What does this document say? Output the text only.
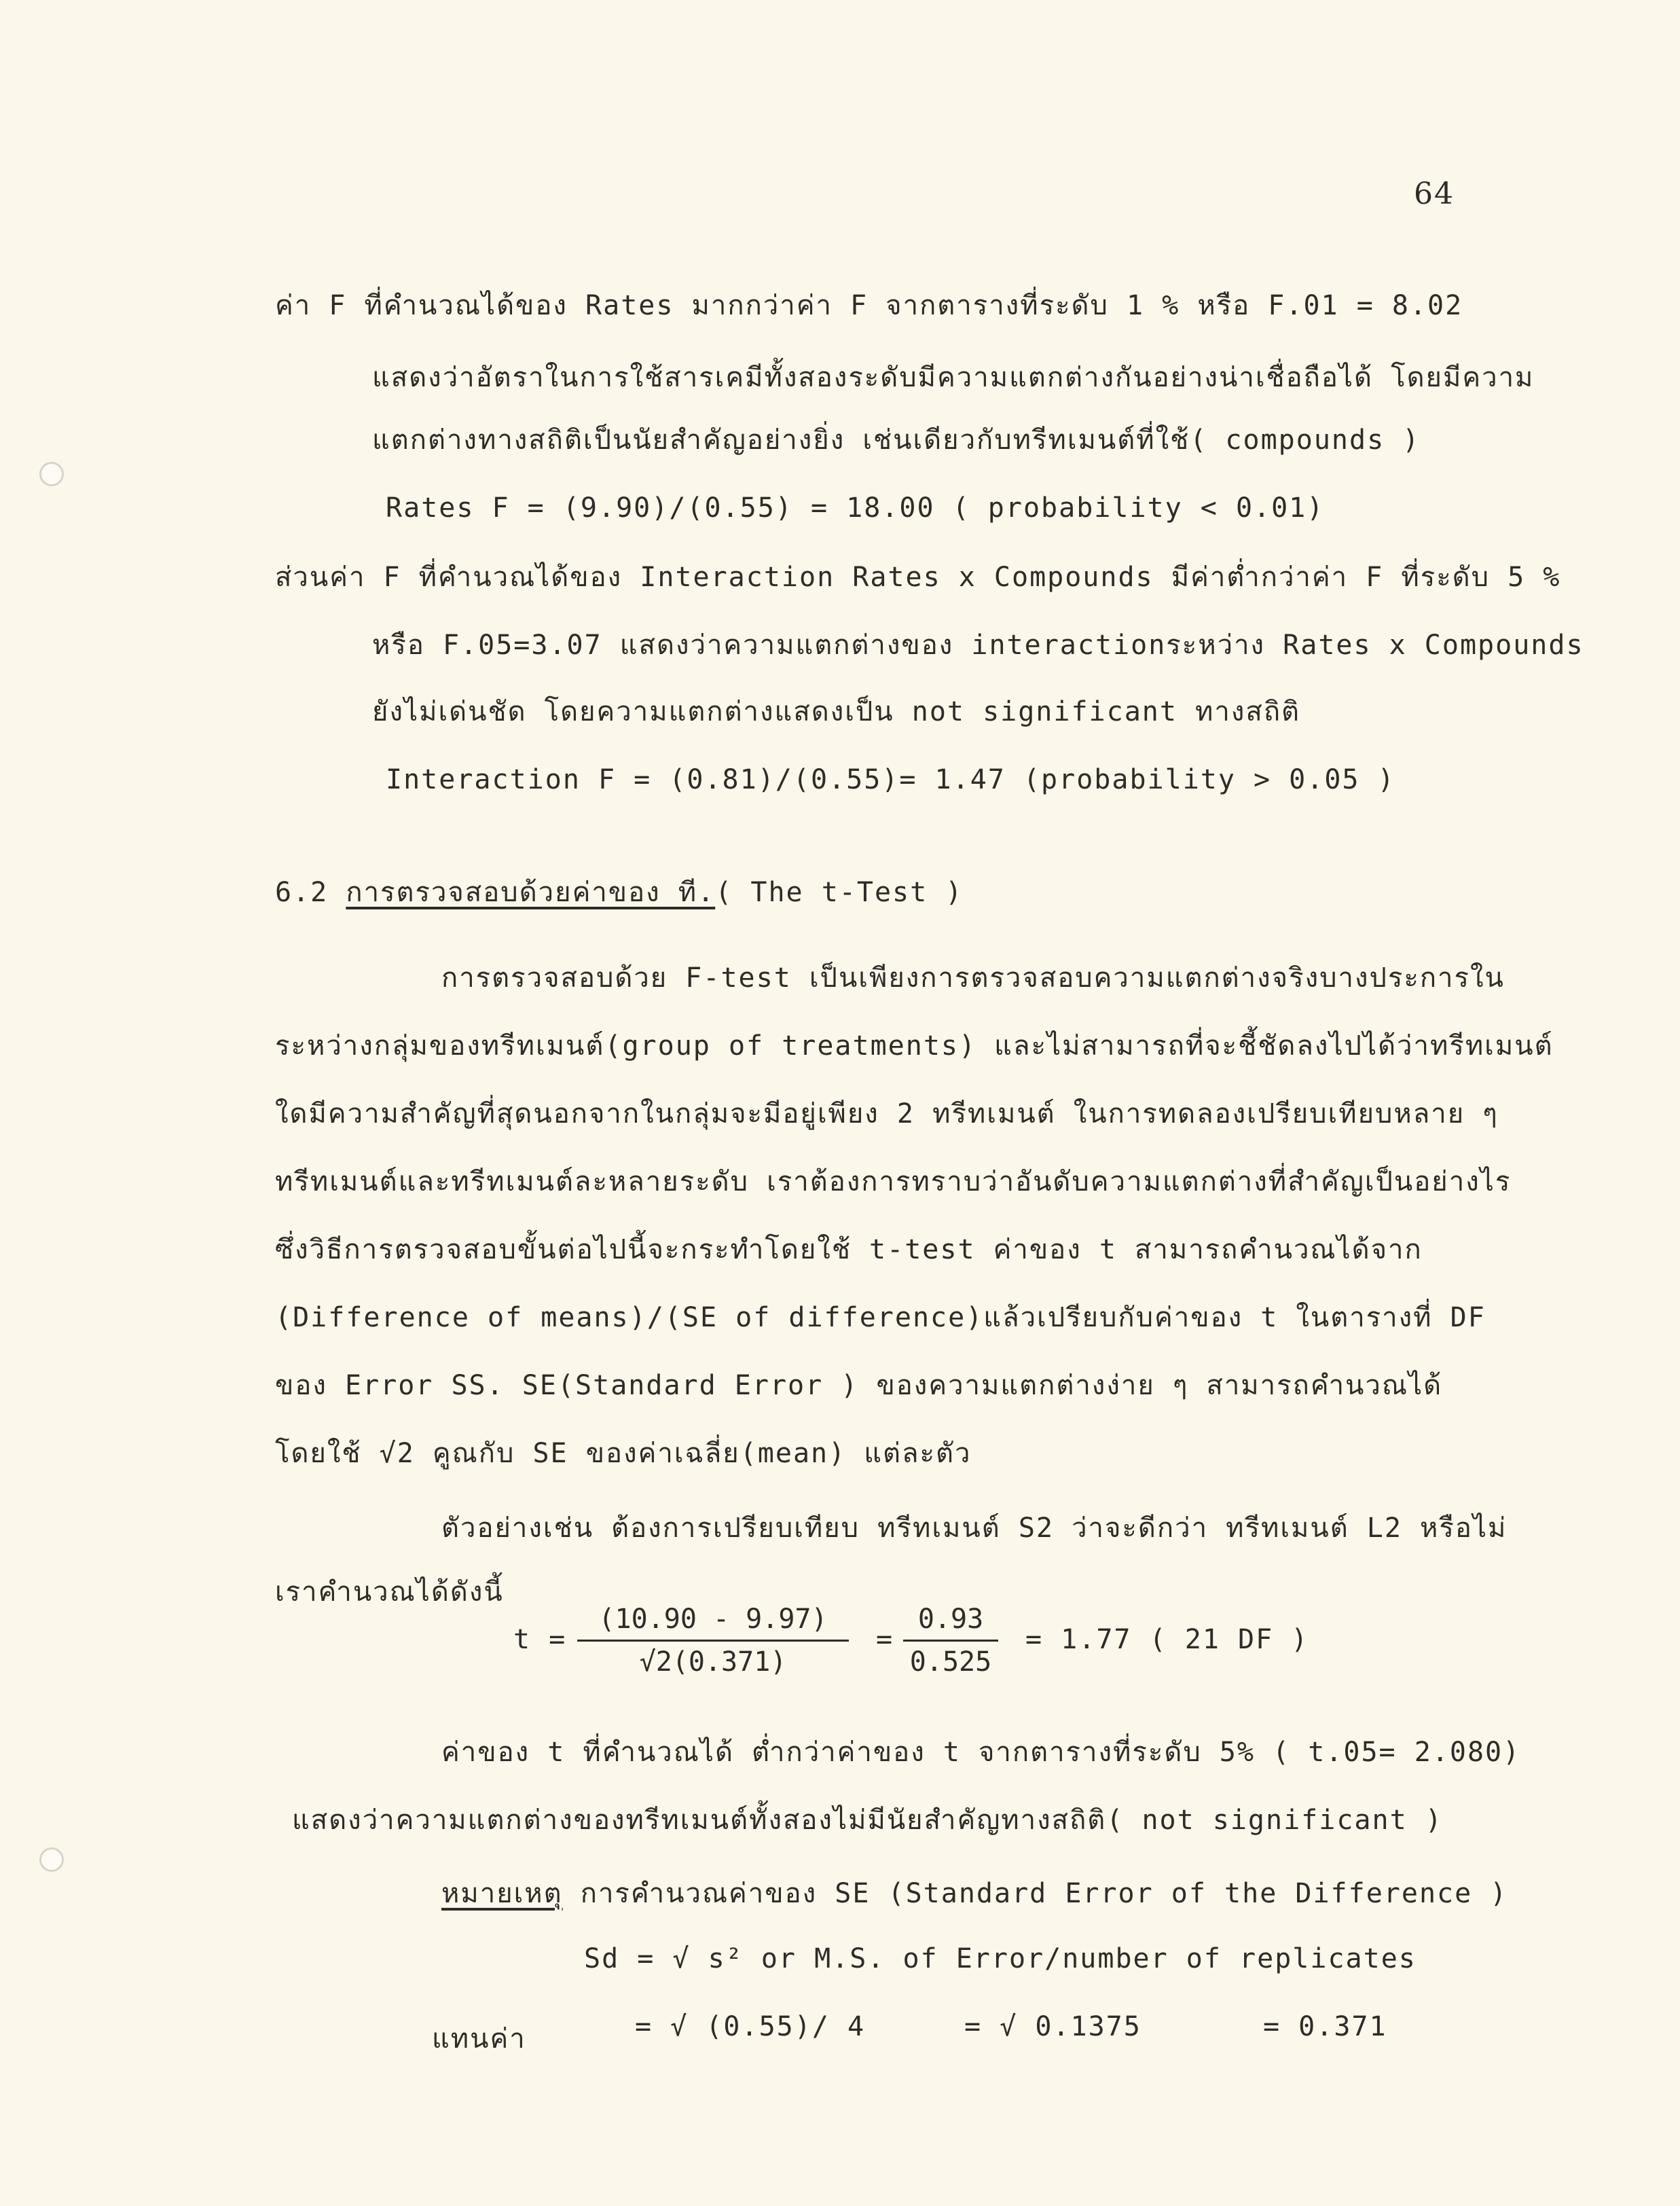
64
ค่า F ที่คำนวณได้ของ Rates มากกว่าค่า F จากตารางที่ระดับ 1 % หรือ F.01 = 8.02
แสดงว่าอัตราในการใช้สารเคมีทั้งสองระดับมีความแตกต่างกันอย่างน่าเชื่อถือได้ โดยมีความ
แตกต่างทางสถิติเป็นนัยสำคัญอย่างยิ่ง เช่นเดียวกับทรีทเมนต์ที่ใช้( compounds )
Rates F = (9.90)/(0.55) = 18.00 ( probability < 0.01)
ส่วนค่า F ที่คำนวณได้ของ Interaction Rates x Compounds มีค่าต่ำกว่าค่า F ที่ระดับ 5 %
หรือ F.05=3.07 แสดงว่าความแตกต่างของ interactionระหว่าง Rates x Compounds
ยังไม่เด่นชัด โดยความแตกต่างแสดงเป็น not significant ทางสถิติ
Interaction F = (0.81)/(0.55)= 1.47 (probability > 0.05 )
6.2 การตรวจสอบด้วยค่าของ ที.( The t-Test )
การตรวจสอบด้วย F-test เป็นเพียงการตรวจสอบความแตกต่างจริงบางประการใน
ระหว่างกลุ่มของทรีทเมนต์(group of treatments) และไม่สามารถที่จะชี้ชัดลงไปได้ว่าทรีทเมนต์
ใดมีความสำคัญที่สุดนอกจากในกลุ่มจะมีอยู่เพียง 2 ทรีทเมนต์ ในการทดลองเปรียบเทียบหลาย ๆ
ทรีทเมนต์และทรีทเมนต์ละหลายระดับ เราต้องการทราบว่าอันดับความแตกต่างที่สำคัญเป็นอย่างไร
ซึ่งวิธีการตรวจสอบขั้นต่อไปนี้จะกระทำโดยใช้ t-test ค่าของ t สามารถคำนวณได้จาก
(Difference of means)/(SE of difference)แล้วเปรียบกับค่าของ t ในตารางที่ DF
ของ Error SS. SE(Standard Error ) ของความแตกต่างง่าย ๆ สามารถคำนวณได้
โดยใช้ √2 คูณกับ SE ของค่าเฉลี่ย(mean) แต่ละตัว
ตัวอย่างเช่น ต้องการเปรียบเทียบ ทรีทเมนต์ S2 ว่าจะดีกว่า ทรีทเมนต์ L2 หรือไม่
เราคำนวณได้ดังนี้
$t = \frac{(10.90 - 9.97)}{√2(0.371)} = \frac{0.93}{0.525} = 1.77$ ( 21 DF )
ค่าของ t ที่คำนวณได้ ต่ำกว่าค่าของ t จากตารางที่ระดับ 5% ( t.05= 2.080)
แสดงว่าความแตกต่างของทรีทเมนต์ทั้งสองไม่มีนัยสำคัญทางสถิติ( not significant )
หมายเหตุ การคำนวณค่าของ SE (Standard Error of the Difference )
Sd = √ s² or M.S. of Error/number of replicates
แทนค่า	= √ (0.55)/ 4	= √ 0.1375	= 0.371
